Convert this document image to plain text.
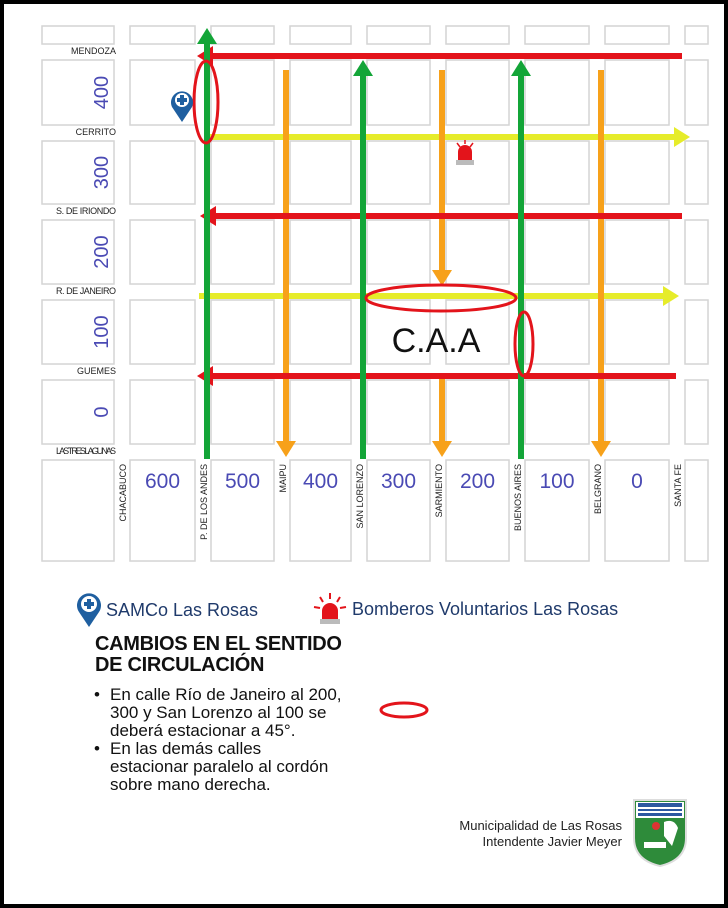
MENDOZA
CERRITO
S. DE IRIONDO
R. DE JANEIRO
GUEMES
LAS TRES LAGUNAS
CHACABUCO	P. DE LOS ANDES	MAIPU	SAN LORENZO	SARMIENTO	BUENOS AIRES	BELGRANO	SANTA FE
400
300
200
100
0
600 500 400 300 200 100	0
C.A.A
SAMCo Las Rosas	Bomberos Voluntarios Las Rosas
CAMBIOS EN EL SENTIDO
DE CIRCULACIÓN
• En calle Río de Janeiro al 200,
300 y San Lorenzo al 100 se
deberá estacionar a 45°.
• En las demás calles
estacionar paralelo al cordón
sobre mano derecha.
Municipalidad de Las Rosas
Intendente Javier Meyer
